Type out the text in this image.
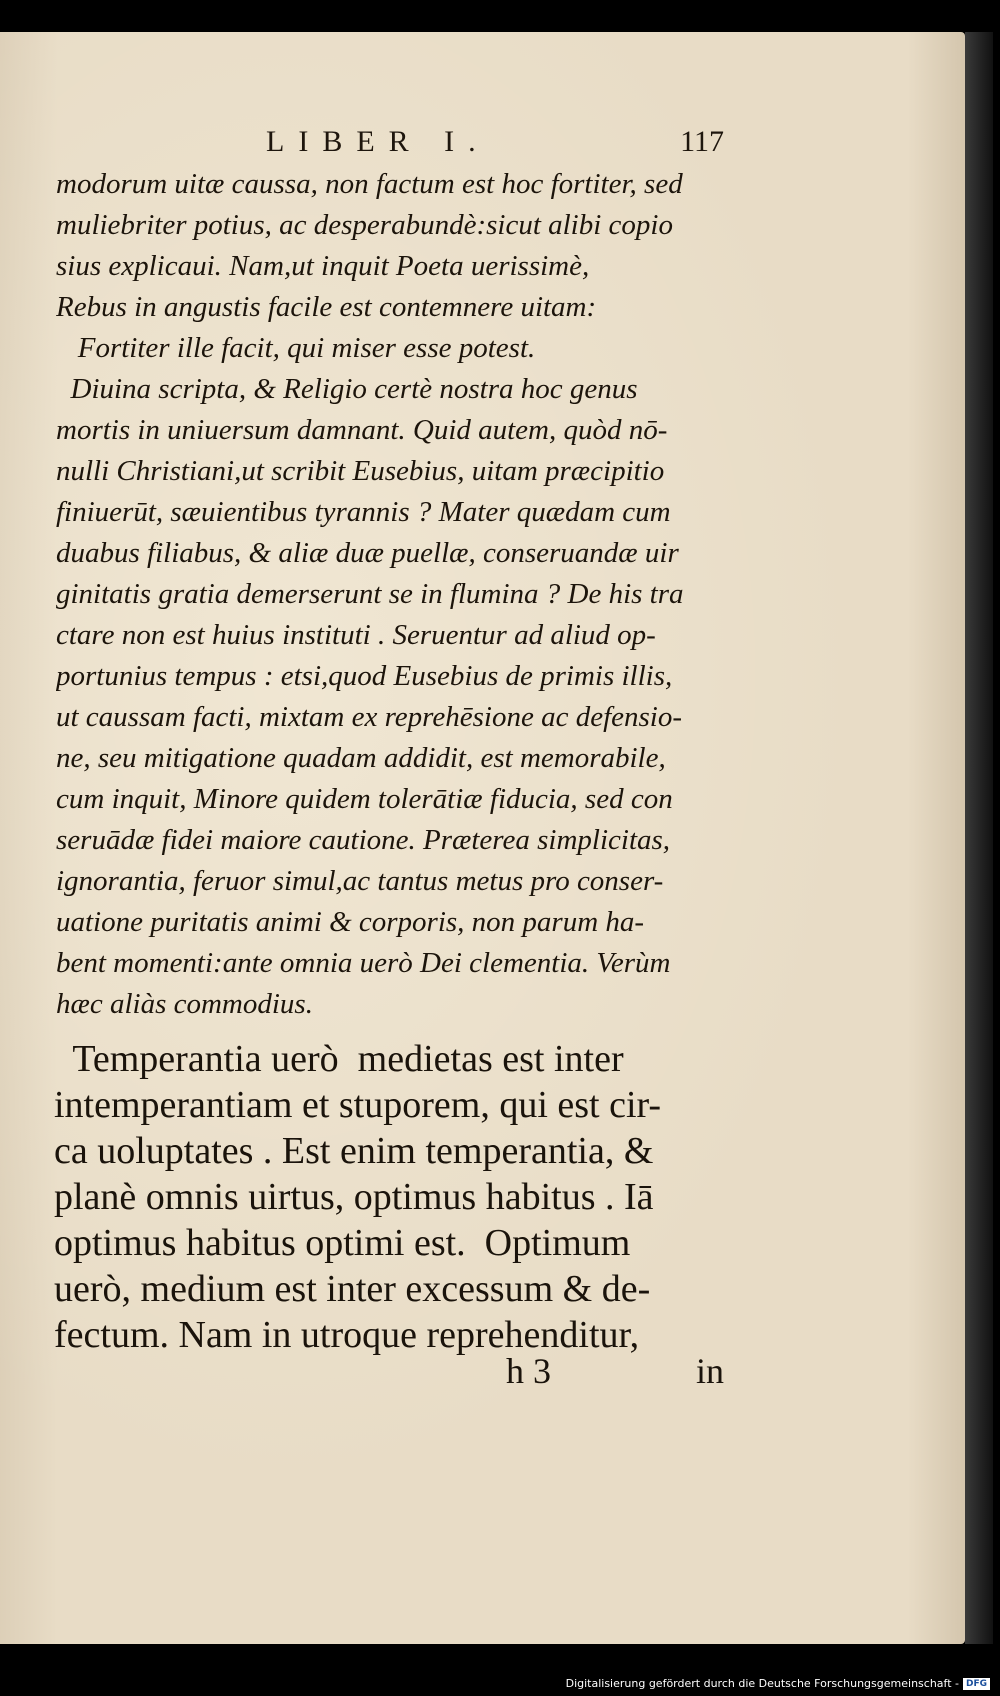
LIBER I.	117
modorum uitæ caussa, non factum est hoc fortiter, sed
muliebriter potius, ac desperabundè:sicut alibi copio
sius explicaui. Nam,ut inquit Poeta uerissimè,
Rebus in angustis facile est contemnere uitam:
Fortiter ille facit, qui miser esse potest.
Diuina scripta, & Religio certè nostra hoc genus
mortis in uniuersum damnant. Quid autem, quòd nō-
nulli Christiani,ut scribit Eusebius, uitam præcipitio
finiuerūt, sæuientibus tyrannis ? Mater quædam cum
duabus filiabus, & aliæ duæ puellæ, conseruandæ uir
ginitatis gratia demerserunt se in flumina ? De his tra
ctare non est huius instituti . Seruentur ad aliud op-
portunius tempus : etsi,quod Eusebius de primis illis,
ut caussam facti, mixtam ex reprehēsione ac defensio-
ne, seu mitigatione quadam addidit, est memorabile,
cum inquit, Minore quidem tolerātiæ fiducia, sed con
seruādæ fidei maiore cautione. Præterea simplicitas,
ignorantia, feruor simul,ac tantus metus pro conser-
uatione puritatis animi & corporis, non parum ha-
bent momenti:ante omnia uerò Dei clementia. Verùm
hæc aliàs commodius.
Temperantia uerò  medietas est inter
intemperantiam et stuporem, qui est cir-
ca uoluptates . Est enim temperantia, &
planè omnis uirtus, optimus habitus . Iā
optimus habitus optimi est.  Optimum
uerò, medium est inter excessum & de-
fectum. Nam in utroque reprehenditur,
h 3	in
Digitalisierung gefördert durch die Deutsche Forschungsgemeinschaft - DFG
